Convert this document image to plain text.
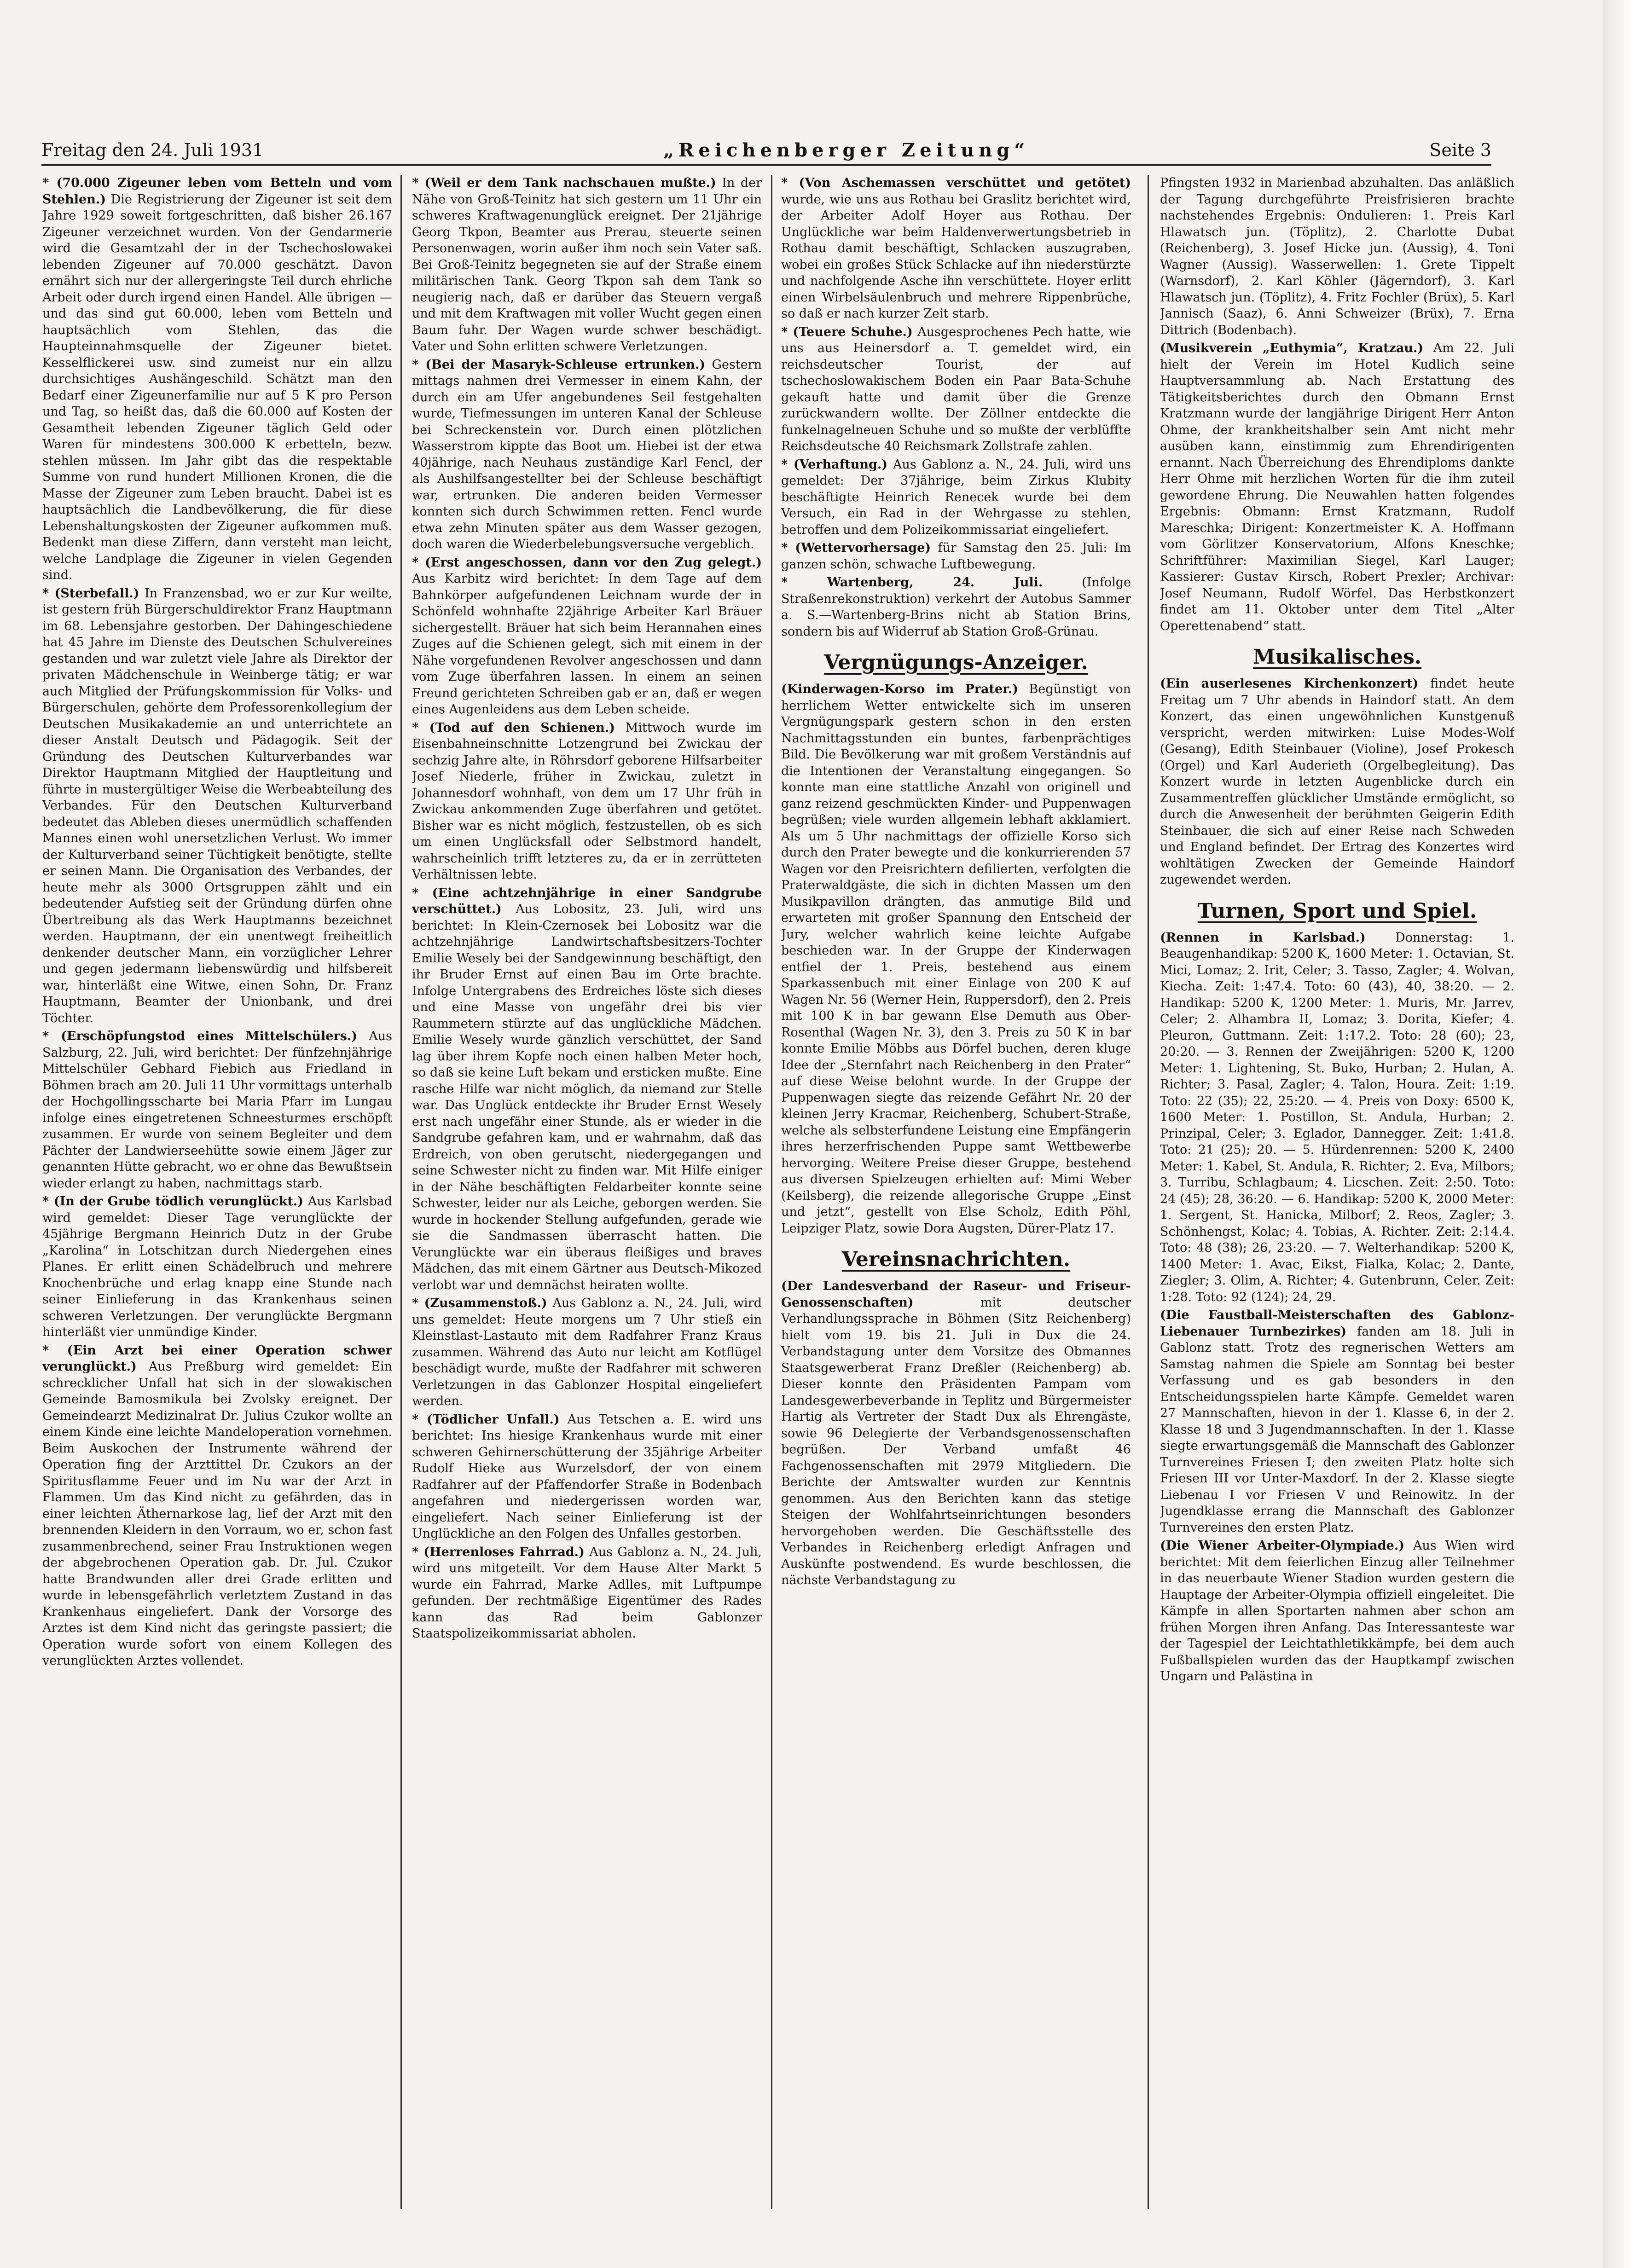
Freitag den 24. Juli 1931	„Reichenberger Zeitung“	Seite 3

* (70.000 Zigeuner leben vom Betteln und vom Stehlen.) Die Registrierung der Zigeuner ist seit dem Jahre 1929 soweit fortgeschritten, daß bisher 26.167 Zigeuner verzeichnet wurden. Von der Gendarmerie wird die Gesamtzahl der in der Tschechoslowakei lebenden Zigeuner auf 70.000 geschätzt. Davon ernährt sich nur der allergeringste Teil durch ehrliche Arbeit oder durch irgend einen Handel. Alle übrigen — und das sind gut 60.000, leben vom Betteln und hauptsächlich vom Stehlen, das die Haupteinnahmsquelle der Zigeuner bietet. Kesselflickerei usw. sind zumeist nur ein allzu durchsichtiges Aushängeschild. Schätzt man den Bedarf einer Zigeunerfamilie nur auf 5 K pro Person und Tag, so heißt das, daß die 60.000 auf Kosten der Gesamtheit lebenden Zigeuner täglich Geld oder Waren für mindestens 300.000 K erbetteln, bezw. stehlen müssen. Im Jahr gibt das die respektable Summe von rund hundert Millionen Kronen, die die Masse der Zigeuner zum Leben braucht. Dabei ist es hauptsächlich die Landbevölkerung, die für diese Lebenshaltungskosten der Zigeuner aufkommen muß. Bedenkt man diese Ziffern, dann versteht man leicht, welche Landplage die Zigeuner in vielen Gegenden sind.

* (Sterbefall.) In Franzensbad, wo er zur Kur weilte, ist gestern früh Bürgerschuldirektor Franz Hauptmann im 68. Lebensjahre gestorben. Der Dahingeschiedene hat 45 Jahre im Dienste des Deutschen Schulvereines gestanden und war zuletzt viele Jahre als Direktor der privaten Mädchenschule in Weinberge tätig; er war auch Mitglied der Prüfungskommission für Volks- und Bürgerschulen, gehörte dem Professorenkollegium der Deutschen Musikakademie an und unterrichtete an dieser Anstalt Deutsch und Pädagogik. Seit der Gründung des Deutschen Kulturverbandes war Direktor Hauptmann Mitglied der Hauptleitung und führte in mustergültiger Weise die Werbeabteilung des Verbandes. Für den Deutschen Kulturverband bedeutet das Ableben dieses unermüdlich schaffenden Mannes einen wohl unersetzlichen Verlust. Wo immer der Kulturverband seiner Tüchtigkeit benötigte, stellte er seinen Mann. Die Organisation des Verbandes, der heute mehr als 3000 Ortsgruppen zählt und ein bedeutender Aufstieg seit der Gründung dürfen ohne Übertreibung als das Werk Hauptmanns bezeichnet werden. Hauptmann, der ein unentwegt freiheitlich denkender deutscher Mann, ein vorzüglicher Lehrer und gegen jedermann liebenswürdig und hilfsbereit war, hinterläßt eine Witwe, einen Sohn, Dr. Franz Hauptmann, Beamter der Unionbank, und drei Töchter.

* (Erschöpfungstod eines Mittelschülers.) Aus Salzburg, 22. Juli, wird berichtet: Der fünfzehnjährige Mittelschüler Gebhard Fiebich aus Friedland in Böhmen brach am 20. Juli 11 Uhr vormittags unterhalb der Hochgollingsscharte bei Maria Pfarr im Lungau infolge eines eingetretenen Schneesturmes erschöpft zusammen. Er wurde von seinem Begleiter und dem Pächter der Landwierseehütte sowie einem Jäger zur genannten Hütte gebracht, wo er ohne das Bewußtsein wieder erlangt zu haben, nachmittags starb.

* (In der Grube tödlich verunglückt.) Aus Karlsbad wird gemeldet: Dieser Tage verunglückte der 45jährige Bergmann Heinrich Dutz in der Grube „Karolina“ in Lotschitzan durch Niedergehen eines Planes. Er erlitt einen Schädelbruch und mehrere Knochenbrüche und erlag knapp eine Stunde nach seiner Einlieferung in das Krankenhaus seinen schweren Verletzungen. Der verunglückte Bergmann hinterläßt vier unmündige Kinder.

* (Ein Arzt bei einer Operation schwer verunglückt.) Aus Preßburg wird gemeldet: Ein schrecklicher Unfall hat sich in der slowakischen Gemeinde Bamosmikula bei Zvolsky ereignet. Der Gemeindearzt Medizinalrat Dr. Julius Czukor wollte an einem Kinde eine leichte Mandeloperation vornehmen. Beim Auskochen der Instrumente während der Operation fing der Arzttittel Dr. Czukors an der Spiritusflamme Feuer und im Nu war der Arzt in Flammen. Um das Kind nicht zu gefährden, das in einer leichten Äthernarkose lag, lief der Arzt mit den brennenden Kleidern in den Vorraum, wo er, schon fast zusammenbrechend, seiner Frau Instruktionen wegen der abgebrochenen Operation gab. Dr. Jul. Czukor hatte Brandwunden aller drei Grade erlitten und wurde in lebensgefährlich verletztem Zustand in das Krankenhaus eingeliefert. Dank der Vorsorge des Arztes ist dem Kind nicht das geringste passiert; die Operation wurde sofort von einem Kollegen des verunglückten Arztes vollendet.

* (Weil er dem Tank nachschauen mußte.) In der Nähe von Groß-Teinitz hat sich gestern um 11 Uhr ein schweres Kraftwagenunglück ereignet. Der 21jährige Georg Tkpon, Beamter aus Prerau, steuerte seinen Personenwagen, worin außer ihm noch sein Vater saß. Bei Groß-Teinitz begegneten sie auf der Straße einem militärischen Tank. Georg Tkpon sah dem Tank so neugierig nach, daß er darüber das Steuern vergaß und mit dem Kraftwagen mit voller Wucht gegen einen Baum fuhr. Der Wagen wurde schwer beschädigt. Vater und Sohn erlitten schwere Verletzungen.

* (Bei der Masaryk-Schleuse ertrunken.) Gestern mittags nahmen drei Vermesser in einem Kahn, der durch ein am Ufer angebundenes Seil festgehalten wurde, Tiefmessungen im unteren Kanal der Schleuse bei Schreckenstein vor. Durch einen plötzlichen Wasserstrom kippte das Boot um. Hiebei ist der etwa 40jährige, nach Neuhaus zuständige Karl Fencl, der als Aushilfsangestellter bei der Schleuse beschäftigt war, ertrunken. Die anderen beiden Vermesser konnten sich durch Schwimmen retten. Fencl wurde etwa zehn Minuten später aus dem Wasser gezogen, doch waren die Wiederbelebungsversuche vergeblich.

* (Erst angeschossen, dann vor den Zug gelegt.) Aus Karbitz wird berichtet: In dem Tage auf dem Bahnkörper aufgefundenen Leichnam wurde der in Schönfeld wohnhafte 22jährige Arbeiter Karl Bräuer sichergestellt. Bräuer hat sich beim Herannahen eines Zuges auf die Schienen gelegt, sich mit einem in der Nähe vorgefundenen Revolver angeschossen und dann vom Zuge überfahren lassen. In einem an seinen Freund gerichteten Schreiben gab er an, daß er wegen eines Augenleidens aus dem Leben scheide.

* (Tod auf den Schienen.) Mittwoch wurde im Eisenbahneinschnitte Lotzengrund bei Zwickau der sechzig Jahre alte, in Röhrsdorf geborene Hilfsarbeiter Josef Niederle, früher in Zwickau, zuletzt in Johannesdorf wohnhaft, von dem um 17 Uhr früh in Zwickau ankommenden Zuge überfahren und getötet. Bisher war es nicht möglich, festzustellen, ob es sich um einen Unglücksfall oder Selbstmord handelt, wahrscheinlich trifft letzteres zu, da er in zerrütteten Verhältnissen lebte.

* (Eine achtzehnjährige in einer Sandgrube verschüttet.) Aus Lobositz, 23. Juli, wird uns berichtet: In Klein-Czernosek bei Lobositz war die achtzehnjährige Landwirtschaftsbesitzers-Tochter Emilie Wesely bei der Sandgewinnung beschäftigt, den ihr Bruder Ernst auf einen Bau im Orte brachte. Infolge Untergrabens des Erdreiches löste sich dieses und eine Masse von ungefähr drei bis vier Raummetern stürzte auf das unglückliche Mädchen. Emilie Wesely wurde gänzlich verschüttet, der Sand lag über ihrem Kopfe noch einen halben Meter hoch, so daß sie keine Luft bekam und ersticken mußte. Eine rasche Hilfe war nicht möglich, da niemand zur Stelle war. Das Unglück entdeckte ihr Bruder Ernst Wesely erst nach ungefähr einer Stunde, als er wieder in die Sandgrube gefahren kam, und er wahrnahm, daß das Erdreich, von oben gerutscht, niedergegangen und seine Schwester nicht zu finden war. Mit Hilfe einiger in der Nähe beschäftigten Feldarbeiter konnte seine Schwester, leider nur als Leiche, geborgen werden. Sie wurde in hockender Stellung aufgefunden, gerade wie sie die Sandmassen überrascht hatten. Die Verunglückte war ein überaus fleißiges und braves Mädchen, das mit einem Gärtner aus Deutsch-Mikozed verlobt war und demnächst heiraten wollte.

* (Zusammenstoß.) Aus Gablonz a. N., 24. Juli, wird uns gemeldet: Heute morgens um 7 Uhr stieß ein Kleinstlast-Lastauto mit dem Radfahrer Franz Kraus zusammen. Während das Auto nur leicht am Kotflügel beschädigt wurde, mußte der Radfahrer mit schweren Verletzungen in das Gablonzer Hospital eingeliefert werden.

* (Tödlicher Unfall.) Aus Tetschen a. E. wird uns berichtet: Ins hiesige Krankenhaus wurde mit einer schweren Gehirnerschütterung der 35jährige Arbeiter Rudolf Hieke aus Wurzelsdorf, der von einem Radfahrer auf der Pfaffendorfer Straße in Bodenbach angefahren und niedergerissen worden war, eingeliefert. Nach seiner Einlieferung ist der Unglückliche an den Folgen des Unfalles gestorben.

* (Herrenloses Fahrrad.) Aus Gablonz a. N., 24. Juli, wird uns mitgeteilt. Vor dem Hause Alter Markt 5 wurde ein Fahrrad, Marke Adlles, mit Luftpumpe gefunden. Der rechtmäßige Eigentümer des Rades kann das Rad beim Gablonzer Staatspolizeikommissariat abholen.

* (Von Aschemassen verschüttet und getötet) wurde, wie uns aus Rothau bei Graslitz berichtet wird, der Arbeiter Adolf Hoyer aus Rothau. Der Unglückliche war beim Haldenverwertungsbetrieb in Rothau damit beschäftigt, Schlacken auszugraben, wobei ein großes Stück Schlacke auf ihn niederstürzte und nachfolgende Asche ihn verschüttete. Hoyer erlitt einen Wirbelsäulenbruch und mehrere Rippenbrüche, so daß er nach kurzer Zeit starb.

* (Teuere Schuhe.) Ausgesprochenes Pech hatte, wie uns aus Heinersdorf a. T. gemeldet wird, ein reichsdeutscher Tourist, der auf tschechoslowakischem Boden ein Paar Bata-Schuhe gekauft hatte und damit über die Grenze zurückwandern wollte. Der Zöllner entdeckte die funkelnagelneuen Schuhe und so mußte der verblüffte Reichsdeutsche 40 Reichsmark Zollstrafe zahlen.

* (Verhaftung.) Aus Gablonz a. N., 24. Juli, wird uns gemeldet: Der 37jährige, beim Zirkus Klubity beschäftigte Heinrich Renecek wurde bei dem Versuch, ein Rad in der Wehrgasse zu stehlen, betroffen und dem Polizeikommissariat eingeliefert.

* (Wettervorhersage) für Samstag den 25. Juli: Im ganzen schön, schwache Luftbewegung.

* Wartenberg, 24. Juli. (Infolge Straßenrekonstruktion) verkehrt der Autobus Sammer a. S.—Wartenberg-Brins nicht ab Station Brins, sondern bis auf Widerruf ab Station Groß-Grünau.

Vergnügungs-Anzeiger.

(Kinderwagen-Korso im Prater.) Begünstigt von herrlichem Wetter entwickelte sich im unseren Vergnügungspark gestern schon in den ersten Nachmittagsstunden ein buntes, farbenprächtiges Bild. Die Bevölkerung war mit großem Verständnis auf die Intentionen der Veranstaltung eingegangen. So konnte man eine stattliche Anzahl von originell und ganz reizend geschmückten Kinder- und Puppenwagen begrüßen; viele wurden allgemein lebhaft akklamiert. Als um 5 Uhr nachmittags der offizielle Korso sich durch den Prater bewegte und die konkurrierenden 57 Wagen vor den Preisrichtern defilierten, verfolgten die Praterwaldgäste, die sich in dichten Massen um den Musikpavillon drängten, das anmutige Bild und erwarteten mit großer Spannung den Entscheid der Jury, welcher wahrlich keine leichte Aufgabe beschieden war. In der Gruppe der Kinderwagen entfiel der 1. Preis, bestehend aus einem Sparkassenbuch mit einer Einlage von 200 K auf Wagen Nr. 56 (Werner Hein, Ruppersdorf), den 2. Preis mit 100 K in bar gewann Else Demuth aus Ober-Rosenthal (Wagen Nr. 3), den 3. Preis zu 50 K in bar konnte Emilie Möbbs aus Dörfel buchen, deren kluge Idee der „Sternfahrt nach Reichenberg in den Prater“ auf diese Weise belohnt wurde. In der Gruppe der Puppenwagen siegte das reizende Gefährt Nr. 20 der kleinen Jerry Kracmar, Reichenberg, Schubert-Straße, welche als selbsterfundene Leistung eine Empfängerin ihres herzerfrischenden Puppe samt Wettbewerbe hervorging. Weitere Preise dieser Gruppe, bestehend aus diversen Spielzeugen erhielten auf: Mimi Weber (Keilsberg), die reizende allegorische Gruppe „Einst und jetzt“, gestellt von Else Scholz, Edith Pöhl, Leipziger Platz, sowie Dora Augsten, Dürer-Platz 17.

Vereinsnachrichten.

(Der Landesverband der Raseur- und Friseur-Genossenschaften) mit deutscher Verhandlungssprache in Böhmen (Sitz Reichenberg) hielt vom 19. bis 21. Juli in Dux die 24. Verbandstagung unter dem Vorsitze des Obmannes Staatsgewerberat Franz Dreßler (Reichenberg) ab. Dieser konnte den Präsidenten Pampam vom Landesgewerbeverbande in Teplitz und Bürgermeister Hartig als Vertreter der Stadt Dux als Ehrengäste, sowie 96 Delegierte der Verbandsgenossenschaften begrüßen. Der Verband umfaßt 46 Fachgenossenschaften mit 2979 Mitgliedern. Die Berichte der Amtswalter wurden zur Kenntnis genommen. Aus den Berichten kann das stetige Steigen der Wohlfahrtseinrichtungen besonders hervorgehoben werden. Die Geschäftsstelle des Verbandes in Reichenberg erledigt Anfragen und Auskünfte postwendend. Es wurde beschlossen, die nächste Verbandstagung zu

Pfingsten 1932 in Marienbad abzuhalten. Das anläßlich der Tagung durchgeführte Preisfrisieren brachte nachstehendes Ergebnis: Ondulieren: 1. Preis Karl Hlawatsch jun. (Töplitz), 2. Charlotte Dubat (Reichenberg), 3. Josef Hicke jun. (Aussig), 4. Toni Wagner (Aussig). Wasserwellen: 1. Grete Tippelt (Warnsdorf), 2. Karl Köhler (Jägerndorf), 3. Karl Hlawatsch jun. (Töplitz), 4. Fritz Fochler (Brüx), 5. Karl Jannisch (Saaz), 6. Anni Schweizer (Brüx), 7. Erna Dittrich (Bodenbach).

(Musikverein „Euthymia“, Kratzau.) Am 22. Juli hielt der Verein im Hotel Kudlich seine Hauptversammlung ab. Nach Erstattung des Tätigkeitsberichtes durch den Obmann Ernst Kratzmann wurde der langjährige Dirigent Herr Anton Ohme, der krankheitshalber sein Amt nicht mehr ausüben kann, einstimmig zum Ehrendirigenten ernannt. Nach Überreichung des Ehrendiploms dankte Herr Ohme mit herzlichen Worten für die ihm zuteil gewordene Ehrung. Die Neuwahlen hatten folgendes Ergebnis: Obmann: Ernst Kratzmann, Rudolf Mareschka; Dirigent: Konzertmeister K. A. Hoffmann vom Görlitzer Konservatorium, Alfons Kneschke; Schriftführer: Maximilian Siegel, Karl Lauger; Kassierer: Gustav Kirsch, Robert Prexler; Archivar: Josef Neumann, Rudolf Wörfel. Das Herbstkonzert findet am 11. Oktober unter dem Titel „Alter Operettenabend“ statt.

Musikalisches.

(Ein auserlesenes Kirchenkonzert) findet heute Freitag um 7 Uhr abends in Haindorf statt. An dem Konzert, das einen ungewöhnlichen Kunstgenuß verspricht, werden mitwirken: Luise Modes-Wolf (Gesang), Edith Steinbauer (Violine), Josef Prokesch (Orgel) und Karl Auderieth (Orgelbegleitung). Das Konzert wurde in letzten Augenblicke durch ein Zusammentreffen glücklicher Umstände ermöglicht, so durch die Anwesenheit der berühmten Geigerin Edith Steinbauer, die sich auf einer Reise nach Schweden und England befindet. Der Ertrag des Konzertes wird wohltätigen Zwecken der Gemeinde Haindorf zugewendet werden.

Turnen, Sport und Spiel.

(Rennen in Karlsbad.) Donnerstag: 1. Beaugenhandikap: 5200 K, 1600 Meter: 1. Octavian, St. Mici, Lomaz; 2. Irit, Celer; 3. Tasso, Zagler; 4. Wolvan, Kiecha. Zeit: 1:47.4. Toto: 60 (43), 40, 38:20. — 2. Handikap: 5200 K, 1200 Meter: 1. Muris, Mr. Jarrev, Celer; 2. Alhambra II, Lomaz; 3. Dorita, Kiefer; 4. Pleuron, Guttmann. Zeit: 1:17.2. Toto: 28 (60); 23, 20:20. — 3. Rennen der Zweijährigen: 5200 K, 1200 Meter: 1. Lightening, St. Buko, Hurban; 2. Hulan, A. Richter; 3. Pasal, Zagler; 4. Talon, Houra. Zeit: 1:19. Toto: 22 (35); 22, 25:20. — 4. Preis von Doxy: 6500 K, 1600 Meter: 1. Postillon, St. Andula, Hurban; 2. Prinzipal, Celer; 3. Eglador, Dannegger. Zeit: 1:41.8. Toto: 21 (25); 20. — 5. Hürdenrennen: 5200 K, 2400 Meter: 1. Kabel, St. Andula, R. Richter; 2. Eva, Milbors; 3. Turribu, Schlagbaum; 4. Licschen. Zeit: 2:50. Toto: 24 (45); 28, 36:20. — 6. Handikap: 5200 K, 2000 Meter: 1. Sergent, St. Hanicka, Milborf; 2. Reos, Zagler; 3. Schönhengst, Kolac; 4. Tobias, A. Richter. Zeit: 2:14.4. Toto: 48 (38); 26, 23:20. — 7. Welterhandikap: 5200 K, 1400 Meter: 1. Avac, Eikst, Fialka, Kolac; 2. Dante, Ziegler; 3. Olim, A. Richter; 4. Gutenbrunn, Celer. Zeit: 1:28. Toto: 92 (124); 24, 29.

(Die Faustball-Meisterschaften des Gablonz-Liebenauer Turnbezirkes) fanden am 18. Juli in Gablonz statt. Trotz des regnerischen Wetters am Samstag nahmen die Spiele am Sonntag bei bester Verfassung und es gab besonders in den Entscheidungsspielen harte Kämpfe. Gemeldet waren 27 Mannschaften, hievon in der 1. Klasse 6, in der 2. Klasse 18 und 3 Jugendmannschaften. In der 1. Klasse siegte erwartungsgemäß die Mannschaft des Gablonzer Turnvereines Friesen I; den zweiten Platz holte sich Friesen III vor Unter-Maxdorf. In der 2. Klasse siegte Liebenau I vor Friesen V und Reinowitz. In der Jugendklasse errang die Mannschaft des Gablonzer Turnvereines den ersten Platz.

(Die Wiener Arbeiter-Olympiade.) Aus Wien wird berichtet: Mit dem feierlichen Einzug aller Teilnehmer in das neuerbaute Wiener Stadion wurden gestern die Hauptage der Arbeiter-Olympia offiziell eingeleitet. Die Kämpfe in allen Sportarten nahmen aber schon am frühen Morgen ihren Anfang. Das Interessanteste war der Tagespiel der Leichtathletikkämpfe, bei dem auch Fußballspielen wurden das der Hauptkampf zwischen Ungarn und Palästina in
